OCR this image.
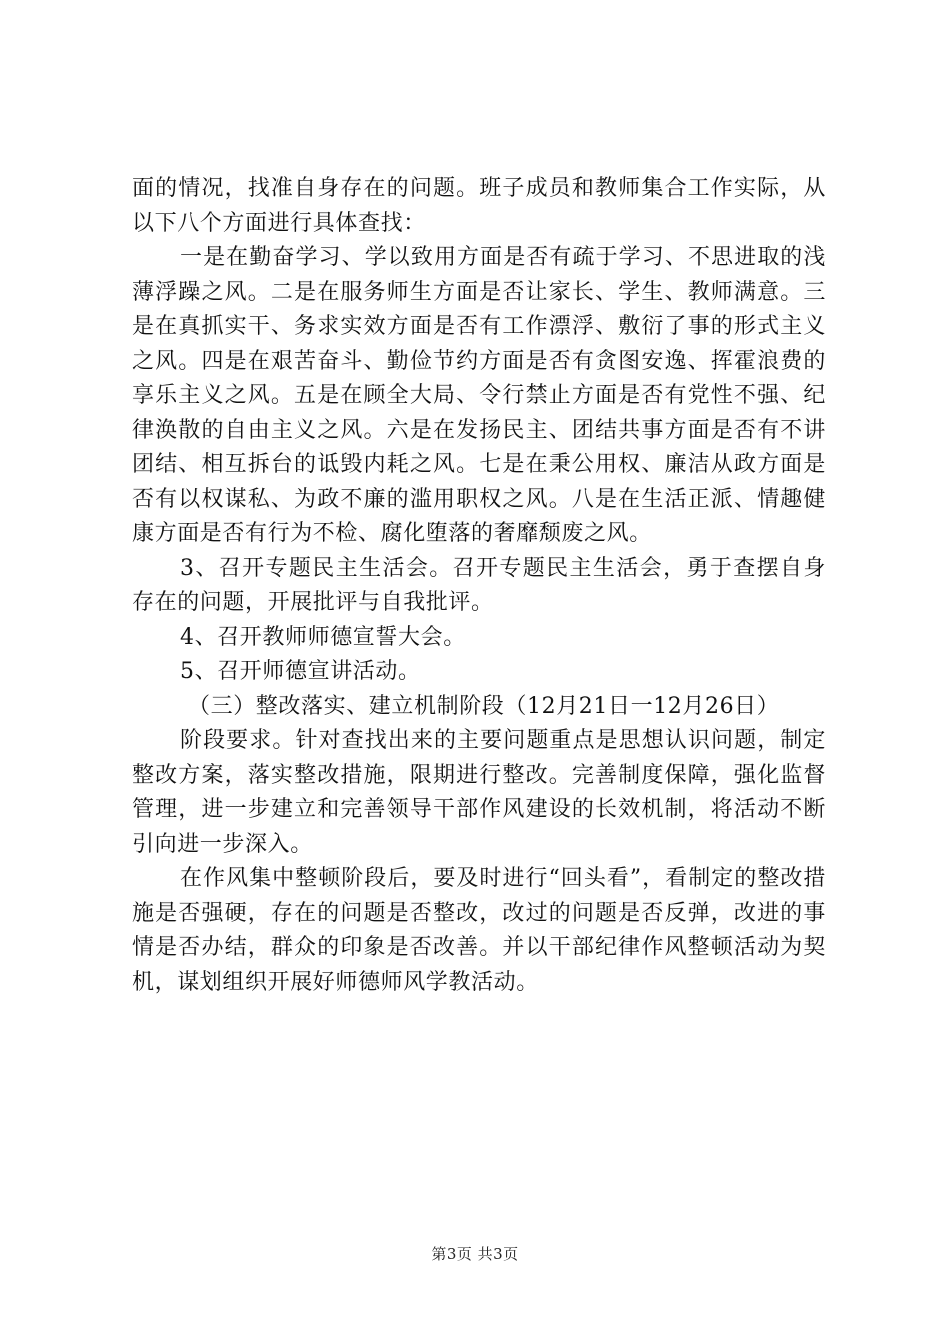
面的情况，找准自身存在的问题。班子成员和教师集合工作实际，从以下八个方面进行具体查找：

一是在勤奋学习、学以致用方面是否有疏于学习、不思进取的浅薄浮躁之风。二是在服务师生方面是否让家长、学生、教师满意。三是在真抓实干、务求实效方面是否有工作漂浮、敷衍了事的形式主义之风。四是在艰苦奋斗、勤俭节约方面是否有贪图安逸、挥霍浪费的享乐主义之风。五是在顾全大局、令行禁止方面是否有党性不强、纪律涣散的自由主义之风。六是在发扬民主、团结共事方面是否有不讲团结、相互拆台的诋毁内耗之风。七是在秉公用权、廉洁从政方面是否有以权谋私、为政不廉的滥用职权之风。八是在生活正派、情趣健康方面是否有行为不检、腐化堕落的奢靡颓废之风。

3、召开专题民主生活会。召开专题民主生活会，勇于查摆自身存在的问题，开展批评与自我批评。

4、召开教师师德宣誓大会。

5、召开师德宣讲活动。

（三）整改落实、建立机制阶段（12月21日一12月26日）

阶段要求。针对查找出来的主要问题重点是思想认识问题，制定整改方案，落实整改措施，限期进行整改。完善制度保障，强化监督管理，进一步建立和完善领导干部作风建设的长效机制，将活动不断引向进一步深入。

在作风集中整顿阶段后，要及时进行“回头看”，看制定的整改措施是否强硬，存在的问题是否整改，改过的问题是否反弹，改进的事情是否办结，群众的印象是否改善。并以干部纪律作风整顿活动为契机，谋划组织开展好师德师风学教活动。

第3页 共3页
